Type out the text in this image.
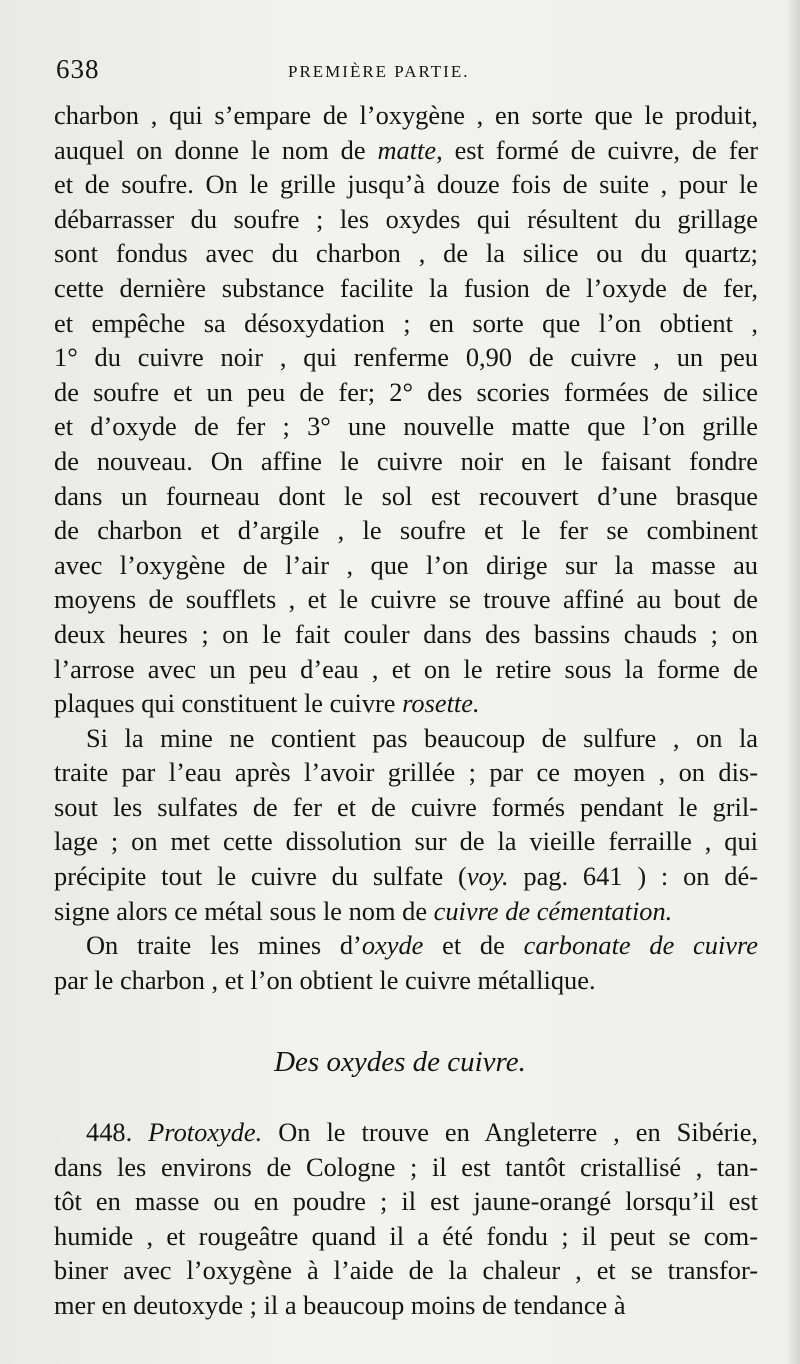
638	PREMIÈRE PARTIE.
charbon , qui s’empare de l’oxygène , en sorte que le produit,
auquel on donne le nom de matte, est formé de cuivre, de fer
et de soufre. On le grille jusqu’à douze fois de suite , pour le
débarrasser du soufre ; les oxydes qui résultent du grillage
sont fondus avec du charbon , de la silice ou du quartz;
cette dernière substance facilite la fusion de l’oxyde de fer,
et empêche sa désoxydation ; en sorte que l’on obtient ,
1° du cuivre noir , qui renferme 0,90 de cuivre , un peu
de soufre et un peu de fer; 2° des scories formées de silice
et d’oxyde de fer ; 3° une nouvelle matte que l’on grille
de nouveau. On affine le cuivre noir en le faisant fondre
dans un fourneau dont le sol est recouvert d’une brasque
de charbon et d’argile , le soufre et le fer se combinent
avec l’oxygène de l’air , que l’on dirige sur la masse au
moyens de soufflets , et le cuivre se trouve affiné au bout de
deux heures ; on le fait couler dans des bassins chauds ; on
l’arrose avec un peu d’eau , et on le retire sous la forme de
plaques qui constituent le cuivre rosette.
Si la mine ne contient pas beaucoup de sulfure , on la
traite par l’eau après l’avoir grillée ; par ce moyen , on dis-
sout les sulfates de fer et de cuivre formés pendant le gril-
lage ; on met cette dissolution sur de la vieille ferraille , qui
précipite tout le cuivre du sulfate (voy. pag. 641 ) : on dé-
signe alors ce métal sous le nom de cuivre de cémentation.
On traite les mines d’oxyde et de carbonate de cuivre
par le charbon , et l’on obtient le cuivre métallique.
Des oxydes de cuivre.
448. Protoxyde. On le trouve en Angleterre , en Sibérie,
dans les environs de Cologne ; il est tantôt cristallisé , tan-
tôt en masse ou en poudre ; il est jaune-orangé lorsqu’il est
humide , et rougeâtre quand il a été fondu ; il peut se com-
biner avec l’oxygène à l’aide de la chaleur , et se transfor-
mer en deutoxyde ; il a beaucoup moins de tendance à
